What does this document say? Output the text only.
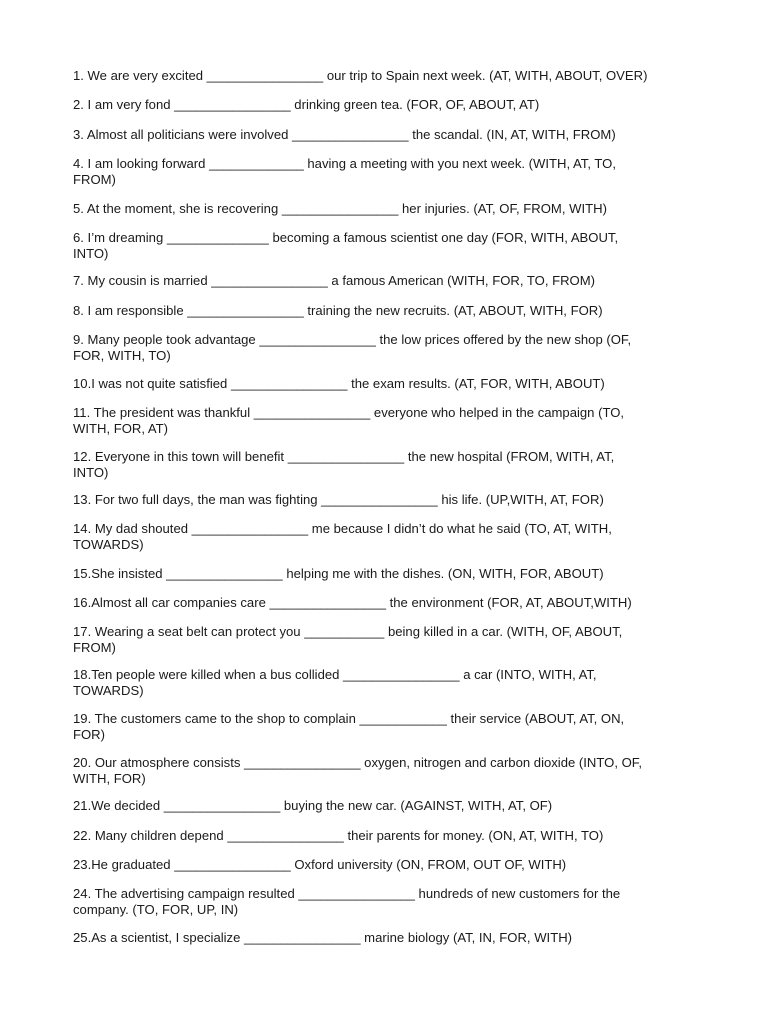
1. We are very excited ________________ our trip to Spain next week. (AT, WITH, ABOUT, OVER)

2. I am very fond ________________ drinking green tea. (FOR, OF, ABOUT, AT)

3. Almost all politicians were involved ________________ the scandal. (IN, AT, WITH, FROM)

4. I am looking forward _____________ having a meeting with you next week. (WITH, AT, TO,
FROM)

5. At the moment, she is recovering ________________ her injuries. (AT, OF, FROM, WITH)

6. I’m dreaming ______________ becoming a famous scientist one day (FOR, WITH, ABOUT,
INTO)

7. My cousin is married ________________ a famous American (WITH, FOR, TO, FROM)

8. I am responsible ________________ training the new recruits. (AT, ABOUT, WITH, FOR)

9. Many people took advantage ________________ the low prices offered by the new shop (OF,
FOR, WITH, TO)

10.I was not quite satisfied ________________ the exam results. (AT, FOR, WITH, ABOUT)

11. The president was thankful ________________ everyone who helped in the campaign (TO,
WITH, FOR, AT)

12. Everyone in this town will benefit ________________ the new hospital (FROM, WITH, AT,
INTO)

13. For two full days, the man was fighting ________________ his life. (UP,WITH, AT, FOR)

14. My dad shouted ________________ me because I didn’t do what he said (TO, AT, WITH,
TOWARDS)

15.She insisted ________________ helping me with the dishes. (ON, WITH, FOR, ABOUT)

16.Almost all car companies care ________________ the environment (FOR, AT, ABOUT,WITH)

17. Wearing a seat belt can protect you ___________ being killed in a car. (WITH, OF, ABOUT,
FROM)

18.Ten people were killed when a bus collided ________________ a car (INTO, WITH, AT,
TOWARDS)

19. The customers came to the shop to complain ____________ their service (ABOUT, AT, ON,
FOR)

20. Our atmosphere consists ________________ oxygen, nitrogen and carbon dioxide (INTO, OF,
WITH, FOR)

21.We decided ________________ buying the new car. (AGAINST, WITH, AT, OF)

22. Many children depend ________________ their parents for money. (ON, AT, WITH, TO)

23.He graduated ________________ Oxford university (ON, FROM, OUT OF, WITH)

24. The advertising campaign resulted ________________ hundreds of new customers for the
company. (TO, FOR, UP, IN)

25.As a scientist, I specialize ________________ marine biology (AT, IN, FOR, WITH)
